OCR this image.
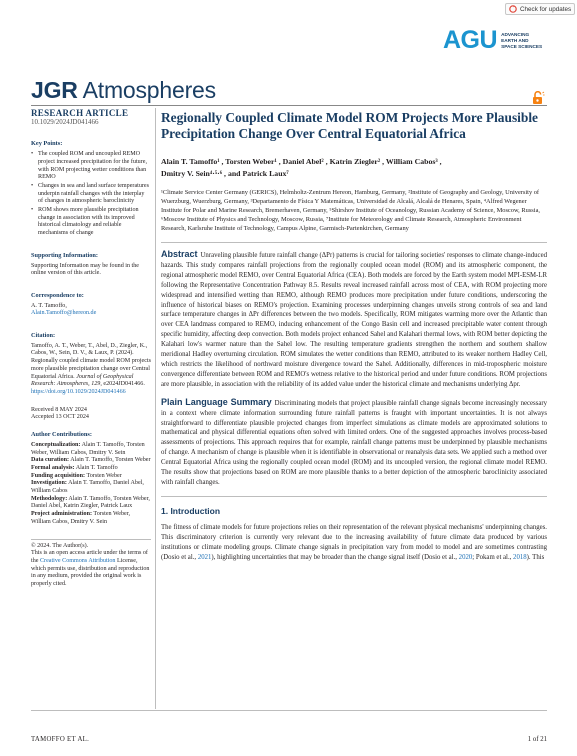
Check for updates
AGU ADVANCING
EARTH AND
SPACE SCIENCES
JGR Atmospheres
RESEARCH ARTICLE
10.1029/2024JD041466
Key Points:
• The coupled ROM and uncoupled REMO project increased precipitation for the future, with ROM projecting wetter conditions than REMO
• Changes in sea and land surface temperatures underpin rainfall changes with the interplay of changes in atmospheric baroclinicity
• ROM shows more plausible precipitation change in association with its improved historical climatology and reliable mechanisms of change
Supporting Information:
Supporting Information may be found in the online version of this article.
Correspondence to:
A. T. Tamoffo,
Alain.Tamoffo@hereon.de
Citation:
Tamoffo, A. T., Weber, T., Abel, D., Ziegler, K., Cabos, W., Sein, D. V., & Laux, P. (2024). Regionally coupled climate model ROM projects more plausible precipitation change over Central Equatorial Africa. Journal of Geophysical Research: Atmospheres, 129, e2024JD041466. https://doi.org/10.1029/2024JD041466
Received 8 MAY 2024
Accepted 13 OCT 2024
Author Contributions:
Conceptualization: Alain T. Tamoffo, Torsten Weber, William Cabos, Dmitry V. Sein
Data curation: Alain T. Tamoffo, Torsten Weber
Formal analysis: Alain T. Tamoffo
Funding acquisition: Torsten Weber
Investigation: Alain T. Tamoffo, Daniel Abel, William Cabos
Methodology: Alain T. Tamoffo, Torsten Weber, Daniel Abel, Katrin Ziegler, Patrick Laux
Project administration: Torsten Weber, William Cabos, Dmitry V. Sein
© 2024. The Author(s).
This is an open access article under the terms of the Creative Commons Attribution License, which permits use, distribution and reproduction in any medium, provided the original work is properly cited.
Regionally Coupled Climate Model ROM Projects More Plausible Precipitation Change Over Central Equatorial Africa
Alain T. Tamoffo¹ , Torsten Weber¹ , Daniel Abel² , Katrin Ziegler² , William Cabos³ ,
Dmitry V. Sein⁴·⁵·⁶ , and Patrick Laux⁷
¹Climate Service Center Germany (GERICS), Helmholtz-Zentrum Hereon, Hamburg, Germany, ²Institute of Geography and Geology, University of Wuerzburg, Wuerzburg, Germany, ³Departamento de Física Y Matemáticas, Universidad de Alcalá, Alcalá de Henares, Spain, ⁴Alfred Wegener Institute for Polar and Marine Research, Bremerhaven, Germany, ⁵Shirshov Institute of Oceanology, Russian Academy of Science, Moscow, Russia, ⁶Moscow Institute of Physics and Technology, Moscow, Russia, ⁷Institute for Meteorology and Climate Research, Atmospheric Environment Research, Karlsruhe Institute of Technology, Campus Alpine, Garmisch-Partenkirchen, Germany
Abstract Unraveling plausible future rainfall change (ΔPr) patterns is crucial for tailoring societies' responses to climate change-induced hazards. This study compares rainfall projections from the regionally coupled ocean model (ROM) and its atmospheric component, the regional atmospheric model REMO, over Central Equatorial Africa (CEA). Both models are forced by the Earth system model MPI-ESM-LR following the Representative Concentration Pathway 8.5. Results reveal increased rainfall across most of CEA, with ROM projecting more widespread and intensified wetting than REMO, although REMO produces more precipitation under future conditions, underscoring the influence of historical biases on REMO's projection. Examining processes underpinning changes unveils strong controls of sea and land surface temperature changes in ΔPr differences between the two models. Specifically, ROM mitigates warming more over the Atlantic than over CEA landmass compared to REMO, inducing enhancement of the Congo Basin cell and increased precipitable water content through specific humidity, affecting deep convection. Both models project enhanced Sahel and Kalahari thermal lows, with ROM better depicting the Kalahari low's warmer nature than the Sahel low. The resulting temperature gradients strengthen the northern and southern shallow meridional Hadley overturning circulation. ROM simulates the wetter conditions than REMO, attributed to its weaker northern Hadley Cell, which restricts the likelihood of northward moisture divergence toward the Sahel. Additionally, differences in mid-tropospheric moisture convergence differentiate between ROM and REMO's wetness relative to the historical period and under future conditions. ROM projections are more plausible, in association with the reliability of its added value under the historical climate and mechanisms underlying Δpr.
Plain Language Summary Discriminating models that project plausible rainfall change signals become increasingly necessary in a context where climate information surrounding future rainfall patterns is fraught with important uncertainties. It is not always straightforward to differentiate plausible projected changes from imperfect simulations as climate models are approximated solutions to mathematical and physical differential equations often solved with limited orders. One of the suggested approaches involves process-based assessments of projections. This approach requires that for example, rainfall change patterns must be underpinned by plausible mechanisms of change. A mechanism of change is plausible when it is identifiable in observational or reanalysis data sets. We applied such a method over Central Equatorial Africa using the regionally coupled ocean model (ROM) and its uncoupled version, the regional climate model REMO. The results show that projections based on ROM are more plausible thanks to a better depiction of the atmospheric baroclinicity associated with rainfall changes.
1. Introduction
The fitness of climate models for future projections relies on their representation of the relevant physical mechanisms' underpinning changes. This discriminatory criterion is currently very relevant due to the increasing availability of future climate data produced by various institutions or climate modeling groups. Climate change signals in precipitation vary from model to model and are sometimes contrasting (Dosio et al., 2021), highlighting uncertainties that may be broader than the change signal itself (Dosio et al., 2020; Pokam et al., 2018). This
TAMOFFO ET AL.	1 of 21
